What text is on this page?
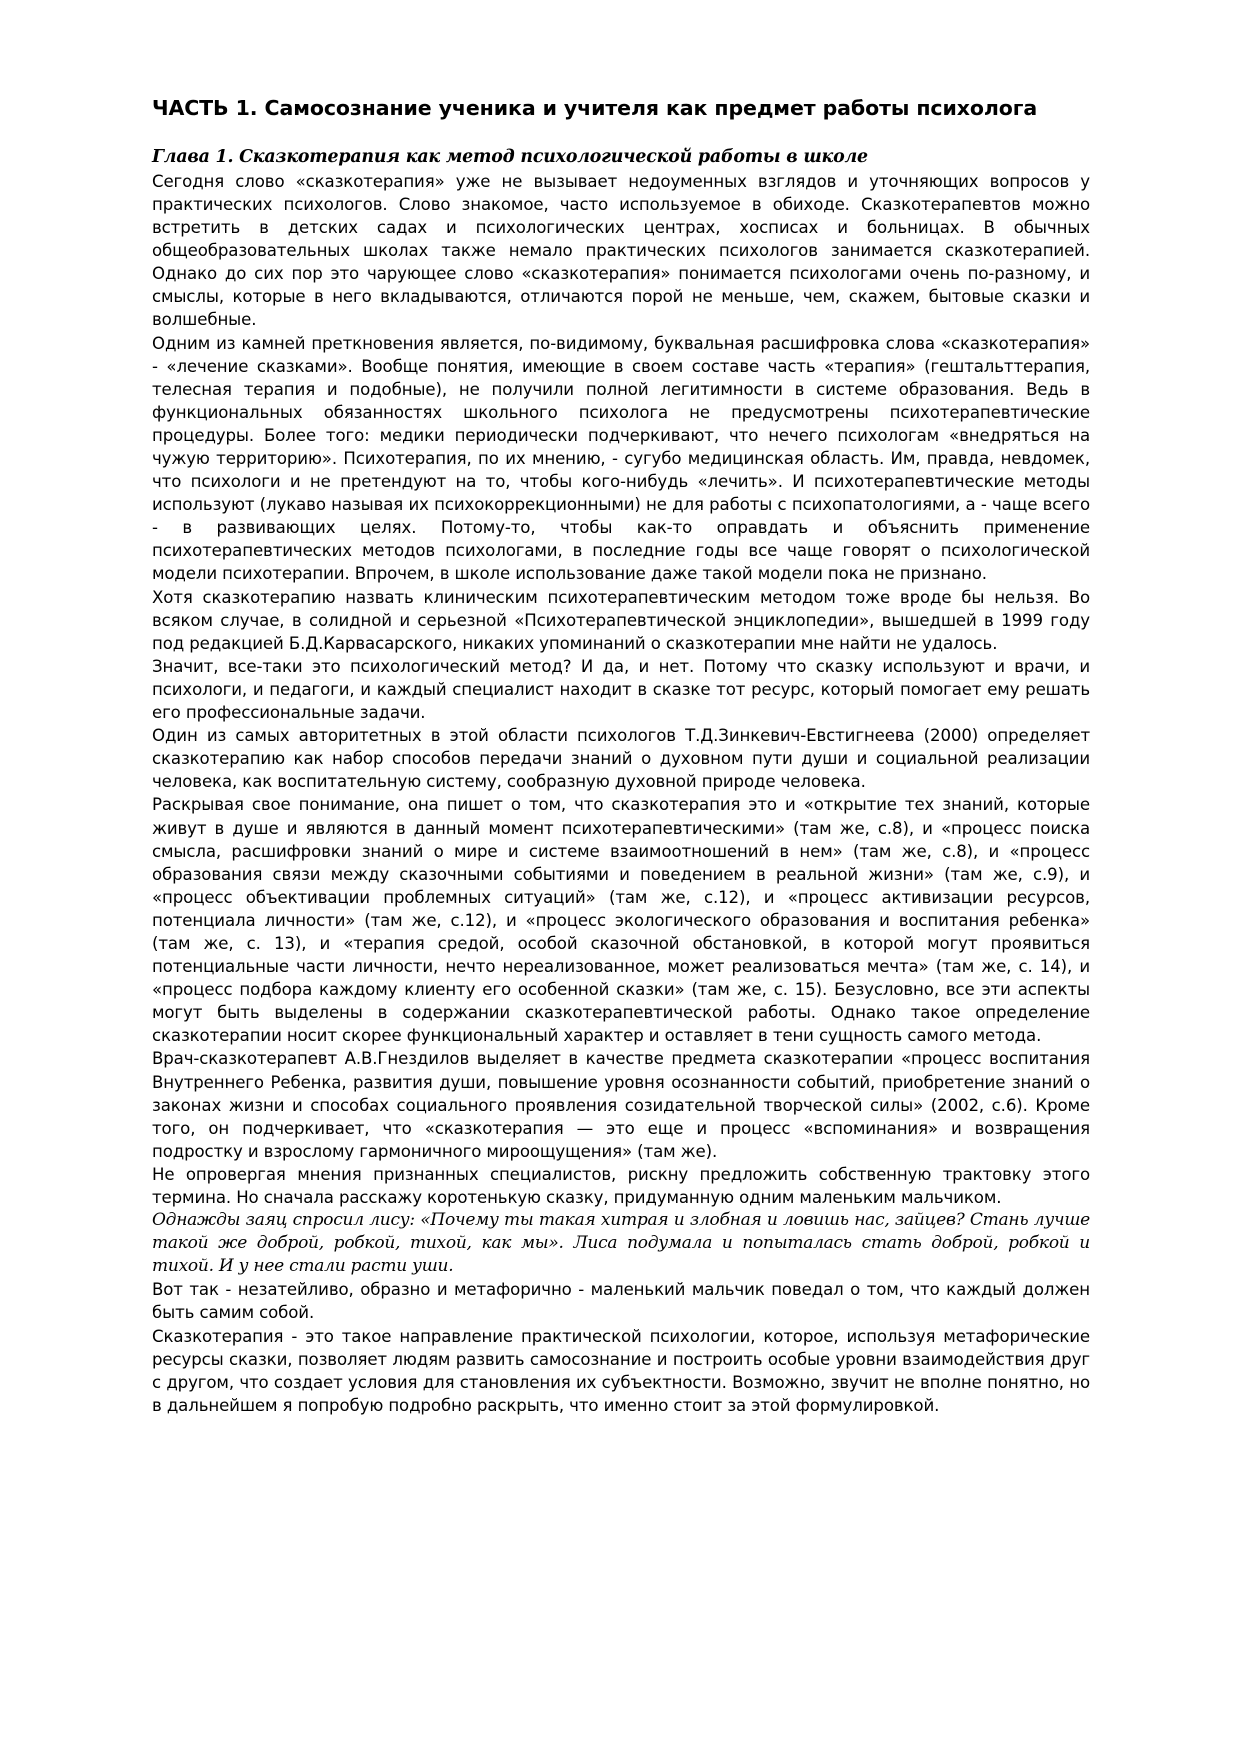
ЧАСТЬ 1. Самосознание ученика и учителя как предмет работы психолога
Глава 1. Сказкотерапия как метод психологической работы в школе

Сегодня слово «сказкотерапия» уже не вызывает недоуменных взглядов и уточняющих вопросов у практических психологов. Слово знакомое, часто используемое в обиходе. Сказкотерапевтов можно встретить в детских садах и психологических центрах, хосписах и больницах. В обычных общеобразовательных школах также немало практических психологов занимается сказкотерапией. Однако до сих пор это чарующее слово «сказкотерапия» понимается психологами очень по-разному, и смыслы, которые в него вкладываются, отличаются порой не меньше, чем, скажем, бытовые сказки и волшебные.

Одним из камней преткновения является, по-видимому, буквальная расшифровка слова «сказкотерапия» - «лечение сказками». Вообще понятия, имеющие в своем составе часть «терапия» (гештальттерапия, телесная терапия и подобные), не получили полной легитимности в системе образования. Ведь в функциональных обязанностях школьного психолога не предусмотрены психотерапевтические процедуры. Более того: медики периодически подчеркивают, что нечего психологам «внедряться на чужую территорию». Психотерапия, по их мнению, - сугубо медицинская область. Им, правда, невдомек, что психологи и не претендуют на то, чтобы кого-нибудь «лечить». И психотерапевтические методы используют (лукаво называя их психокоррекционными) не для работы с психопатологиями, а - чаще всего - в развивающих целях. Потому-то, чтобы как-то оправдать и объяснить применение психотерапевтических методов психологами, в последние годы все чаще говорят о психологической модели психотерапии. Впрочем, в школе использование даже такой модели пока не признано.

Хотя сказкотерапию назвать клиническим психотерапевтическим методом тоже вроде бы нельзя. Во всяком случае, в солидной и серьезной «Психотерапевтической энциклопедии», вышедшей в 1999 году под редакцией Б.Д.Карвасарского, никаких упоминаний о сказкотерапии мне найти не удалось.

Значит, все-таки это психологический метод? И да, и нет. Потому что сказку используют и врачи, и психологи, и педагоги, и каждый специалист находит в сказке тот ресурс, который помогает ему решать его профессиональные задачи.

Один из самых авторитетных в этой области психологов Т.Д.Зинкевич-Евстигнеева (2000) определяет сказкотерапию как набор способов передачи знаний о духовном пути души и социальной реализации человека, как воспитательную систему, сообразную духовной природе человека.

Раскрывая свое понимание, она пишет о том, что сказкотерапия это и «открытие тех знаний, которые живут в душе и являются в данный момент психотерапевтическими» (там же, с.8), и «процесс поиска смысла, расшифровки знаний о мире и системе взаимоотношений в нем» (там же, с.8), и «процесс образования связи между сказочными событиями и поведением в реальной жизни» (там же, с.9), и «процесс объективации проблемных ситуаций» (там же, с.12), и «процесс активизации ресурсов, потенциала личности» (там же, с.12), и «процесс экологического образования и воспитания ребенка» (там же, с. 13), и «терапия средой, особой сказочной обстановкой, в которой могут проявиться потенциальные части личности, нечто нереализованное, может реализоваться мечта» (там же, с. 14), и «процесс подбора каждому клиенту его особенной сказки» (там же, с. 15). Безусловно, все эти аспекты могут быть выделены в содержании сказкотерапевтической работы. Однако такое определение сказкотерапии носит скорее функциональный характер и оставляет в тени сущность самого метода.

Врач-сказкотерапевт А.В.Гнездилов выделяет в качестве предмета сказкотерапии «процесс воспитания Внутреннего Ребенка, развития души, повышение уровня осознанности событий, приобретение знаний о законах жизни и способах социального проявления созидательной творческой силы» (2002, с.6). Кроме того, он подчеркивает, что «сказкотерапия — это еще и процесс «вспоминания» и возвращения подростку и взрослому гармоничного мироощущения» (там же).

Не опровергая мнения признанных специалистов, рискну предложить собственную трактовку этого термина. Но сначала расскажу коротенькую сказку, придуманную одним маленьким мальчиком.

Однажды заяц спросил лису: «Почему ты такая хитрая и злобная и ловишь нас, зайцев? Стань лучше такой же доброй, робкой, тихой, как мы». Лиса подумала и попыталась стать доброй, робкой и тихой. И у нее стали расти уши.

Вот так - незатейливо, образно и метафорично - маленький мальчик поведал о том, что каждый должен быть самим собой.

Сказкотерапия - это такое направление практической психологии, которое, используя метафорические ресурсы сказки, позволяет людям развить самосознание и построить особые уровни взаимодействия друг с другом, что создает условия для становления их субъектности. Возможно, звучит не вполне понятно, но в дальнейшем я попробую подробно раскрыть, что именно стоит за этой формулировкой.
